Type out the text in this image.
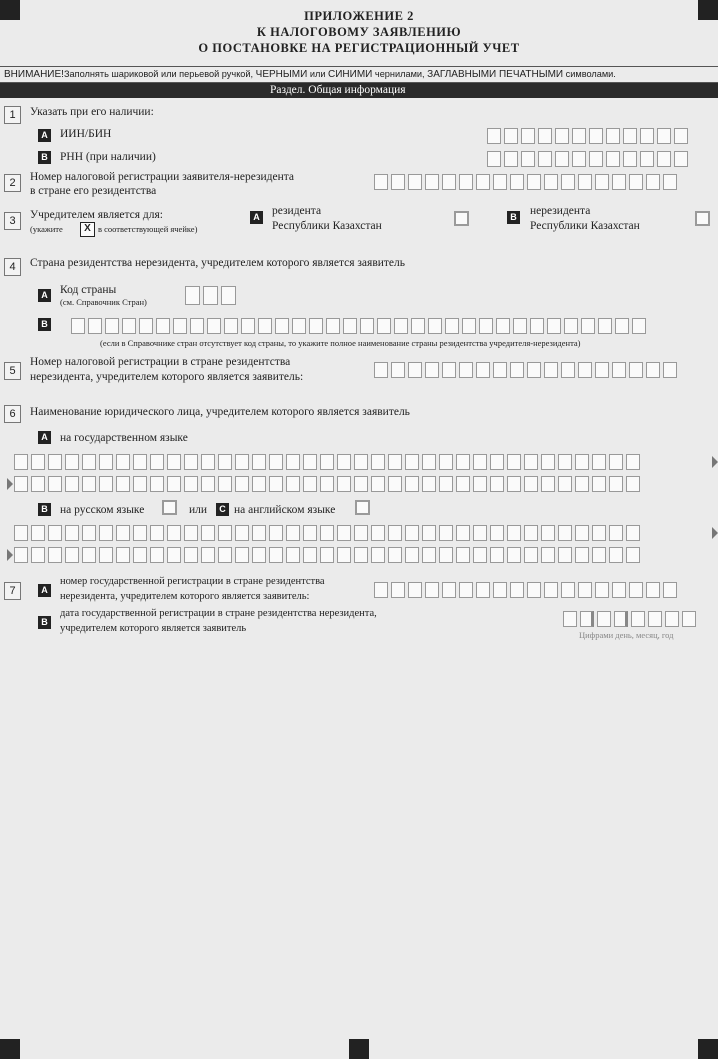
ПРИЛОЖЕНИЕ 2
К НАЛОГОВОМУ ЗАЯВЛЕНИЮ
О ПОСТАНОВКЕ НА РЕГИСТРАЦИОННЫЙ УЧЕТ
ВНИМАНИЕ!Заполнять шариковой или перьевой ручкой, ЧЕРНЫМИ или СИНИМИ чернилами, ЗАГЛАВНЫМИ ПЕЧАТНЫМИ символами.
Раздел. Общая информация
1	Указать при его наличии:
A ИИН/БИН
B РНН (при наличии)
2	Номер налоговой регистрации заявителя-нерезидента
в стране его резидентства
3	Учредителем является для:
(укажите	X в соответствующей ячейке)
A резидента
Республики Казахстан
B нерезидента
Республики Казахстан
4	Страна резидентства нерезидента, учредителем которого является заявитель
A Код страны
(см. Справочник Стран)
B
(если в Справочнике стран отсутствует код страны, то укажите полное наименование страны резидентства учредителя-нерезидента)
5
Номер налоговой регистрации в стране резидентства
нерезидента, учредителем которого является заявитель:
6	Наименование юридического лица, учредителем которого является заявитель
A на государственном языке
B на русском языке	или	C на английском языке
7	A
номер государственной регистрации в стране резидентства
нерезидента, учредителем которого является заявитель:
B
дата государственной регистрации в стране резидентства нерезидента,
учредителем которого является заявитель
Цифрами день, месяц, год
